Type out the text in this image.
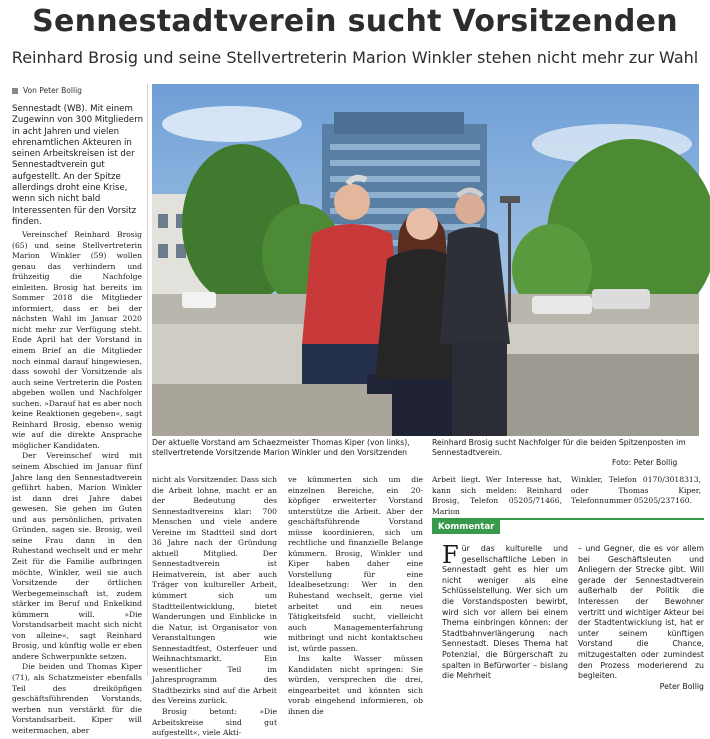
Sennestadtverein sucht Vorsitzenden
Reinhard Brosig und seine Stellvertreterin Marion Winkler stehen nicht mehr zur Wahl
Von Peter Bollig
Sennestadt (WB). Mit einem Zugewinn von 300 Mitgliedern in acht Jahren und vielen ehrenamtlichen Akteuren in seinen Arbeitskreisen ist der Sennestadtverein gut aufgestellt. An der Spitze allerdings droht eine Krise, wenn sich nicht bald Interessenten für den Vorsitz finden.

Vereinschef Reinhard Brosig (65) und seine Stellvertreterin Marion Winkler (59) wollen genau das verhindern und frühzeitig die Nachfolge einleiten. Brosig hat bereits im Sommer 2018 die Mitglieder informiert, dass er bei der nächsten Wahl im Januar 2020 nicht mehr zur Verfügung steht. Ende April hat der Vorstand in einem Brief an die Mitglieder noch einmal darauf hingewiesen, dass sowohl der Vorsitzende als auch seine Vertreterin die Posten abgeben wollen und Nachfolger suchen. »Darauf hat es aber noch keine Reaktionen gegeben«, sagt Reinhard Brosig, ebenso wenig wie auf die direkte Ansprache möglicher Kandidaten.

Der Vereinschef wird mit seinem Abschied im Januar fünf Jahre lang den Sennestadtverein geführt haben, Marion Winkler ist dann drei Jahre dabei gewesen. Sie gehen im Guten und aus persönlichen, privaten Gründen, sagen sie. Brosig, weil seine Frau dann in den Ruhestand wechselt und er mehr Zeit für die Familie aufbringen möchte, Winkler, weil sie auch Vorsitzende der örtlichen Werbegemeinschaft ist, zudem stärker im Beruf und Enkelkind kümmern will. »Die Vorstandsarbeit macht sich nicht von alleine«, sagt Reinhard Brosig, und künftig wolle er eben andere Schwerpunkte setzen.

Die beiden und Thomas Kiper (71), als Schatzmeister ebenfalls Teil des dreiköpfigen geschäftsführenden Vorstands, werben nun verstärkt für die Vorstandsarbeit. Kiper will weitermachen, aber

Der aktuelle Vorstand am Schaezmeister Thomas Kiper (von links), stellvertretende Vorsitzende Marion Winkler und den Vorsitzenden
Reinhard Brosig sucht Nachfolger für die beiden Spitzenposten im Sennestadtverein.
Foto: Peter Bollig

nicht als Vorsitzender. Dass sich die Arbeit lohne, macht er an der Bedeutung des Sennestadtvereins klar: 700 Menschen und viele andere Vereine im Stadtteil sind dort 36 Jahre nach der Gründung aktuell Mitglied. Der Sennestadtverein ist Heimatverein, ist aber auch Träger von kultureller Arbeit, kümmert sich um Stadtteilentwicklung, bietet Wanderungen und Einblicke in die Natur, ist Organisator von Veranstaltungen wie Sennestadtfest, Osterfeuer und Weihnachtsmarkt. Ein wesentlicher Teil im Jahresprogramm des Stadtbezirks sind auf die Arbeit des Vereins zurück.

Brosig betont: »Die Arbeitskreise sind gut aufgestellt«, viele Akti-

ve kümmerten sich um die einzelnen Bereiche, ein 20-köpfiger erweiterter Vorstand unterstütze die Arbeit. Aber der geschäftsführende Vorstand müsse koordinieren, sich um rechtliche und finanzielle Belange kümmern. Brosig, Winkler und Kiper haben daher eine Vorstellung für eine Idealbesetzung: Wer in den Ruhestand wechselt, gerne viel arbeitet und ein neues Tätigkeitsfeld sucht, vielleicht auch Managementerfahrung mitbringt und nicht kontaktscheu ist, würde passen.

Ins kalte Wasser müssen Kandidaten nicht springen: Sie würden, versprechen die drei, eingearbeitet und könnten sich vorab eingehend informieren, ob ihnen die

Arbeit liegt. Wer Interesse hat, kann sich melden: Reinhard Brosig, Telefon 05205/71466, Marion

Winkler, Telefon 0170/3018313, oder Thomas Kiper, Telefonnummer 05205/237160.

Kommentar
Für das kulturelle und gesellschaftliche Leben in Sennestadt geht es hier um nicht weniger als eine Schlüsselstellung. Wer sich um die Vorstandsposten bewirbt, wird sich vor allem bei einem Thema einbringen können: der Stadtbahnverlängerung nach Sennestadt. Dieses Thema hat Potenzial, die Bürgerschaft zu spalten in Befürworter – bislang die Mehrheit
– und Gegner, die es vor allem bei Geschäftsleuten und Anliegern der Strecke gibt. Will gerade der Sennestadtverein außerhalb der Politik die Interessen der Bewohner vertritt und wichtiger Akteur bei der Stadtentwicklung ist, hat er unter seinem künftigen Vorstand die Chance, mitzugestalten oder zumindest den Prozess moderierend zu begleiten.
Peter Bollig
